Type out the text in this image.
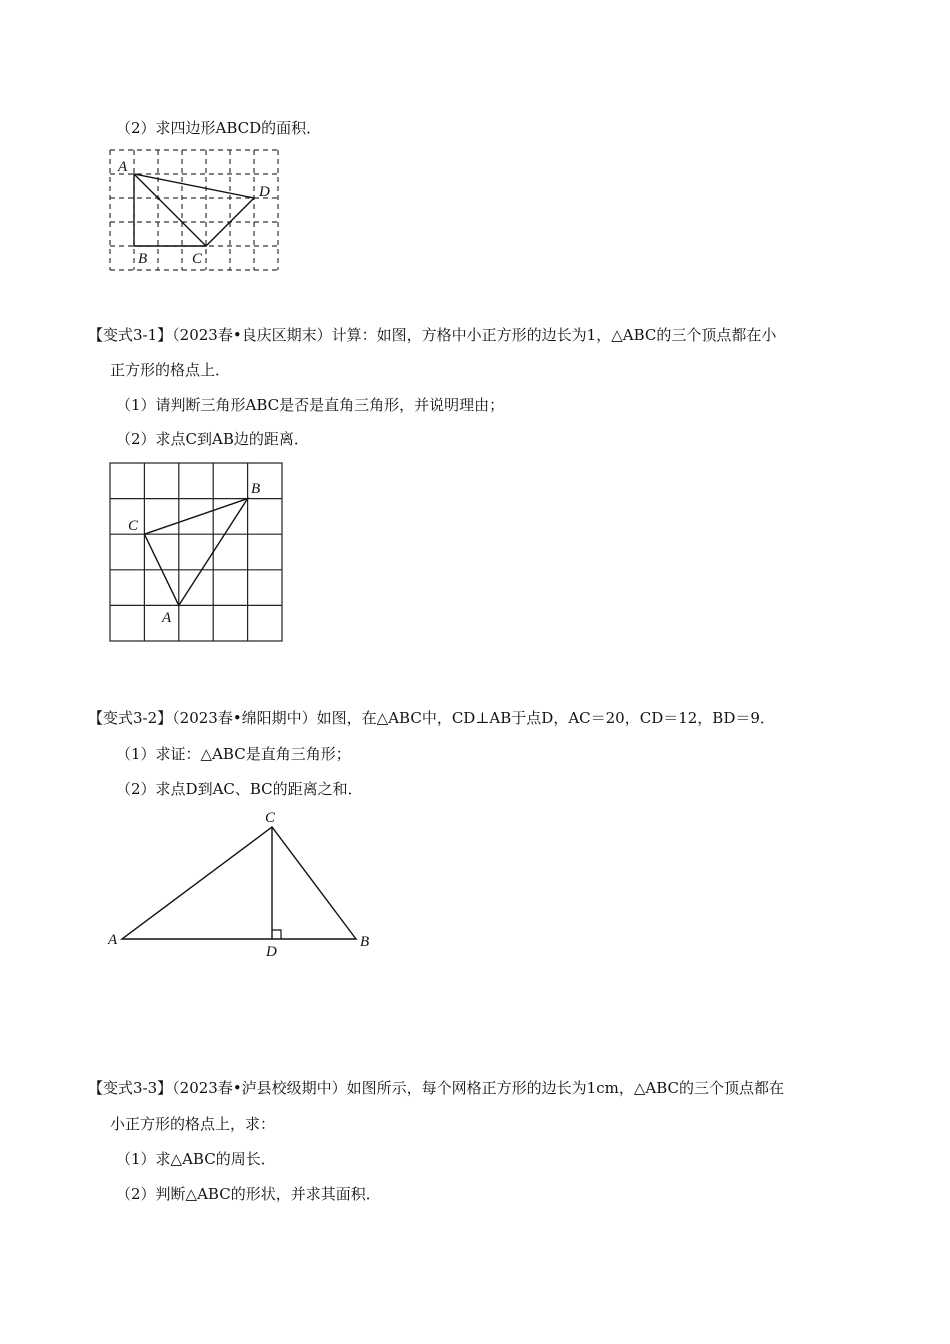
（2）求四边形ABCD的面积．
A
B	C
D
【变式3-1】（2023春•良庆区期末）计算：如图，方格中小正方形的边长为1，△ABC的三个顶点都在小
正方形的格点上．
（1）请判断三角形ABC是否是直角三角形，并说明理由；
（2）求点C到AB边的距离．
A
B
C
【变式3-2】（2023春•绵阳期中）如图，在△ABC中，CD⊥AB于点D，AC＝20，CD＝12，BD＝9．
（1）求证：△ABC是直角三角形；
（2）求点D到AC、BC的距离之和．
A	B
C
D
【变式3-3】（2023春•泸县校级期中）如图所示，每个网格正方形的边长为1cm，△ABC的三个顶点都在
小正方形的格点上，求：
（1）求△ABC的周长．
（2）判断△ABC的形状，并求其面积．
